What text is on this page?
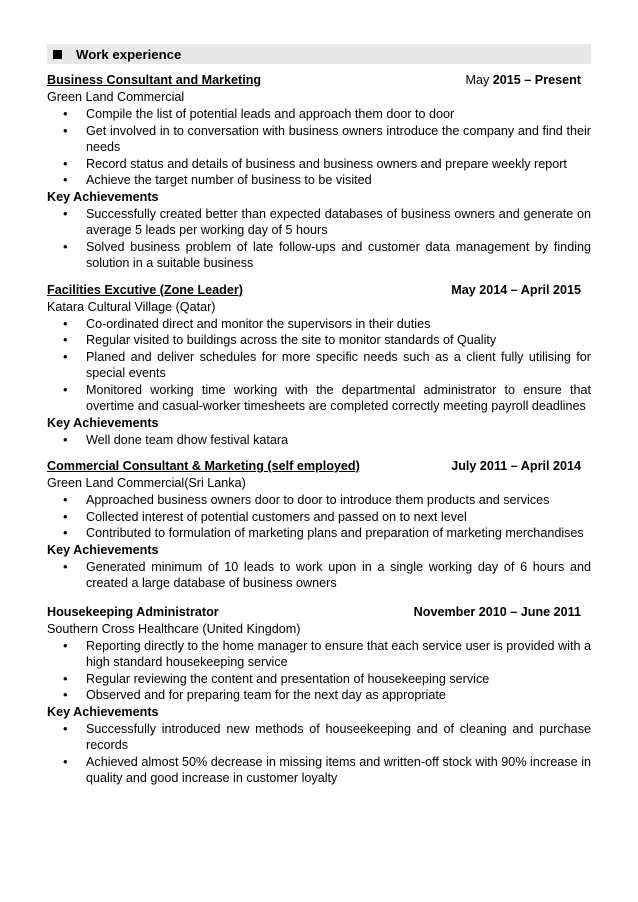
Work experience
Business Consultant and Marketing	May 2015 – Present
Green Land Commercial
• Compile the list of potential leads and approach them door to door
• Get involved in to conversation with business owners introduce the company and find their needs
• Record status and details of business and business owners and prepare weekly report
• Achieve the target number of business to be visited
Key Achievements
• Successfully created better than expected databases of business owners and generate on average 5 leads per working day of 5 hours
• Solved business problem of late follow-ups and customer data management by finding solution in a suitable business
Facilities Excutive (Zone Leader)	May 2014 – April 2015
Katara Cultural Village (Qatar)
• Co-ordinated direct and monitor the supervisors in their duties
• Regular visited to buildings across the site to monitor standards of Quality
• Planed and deliver schedules for more specific needs such as a client fully utilising for special events
• Monitored working time working with the departmental administrator to ensure that overtime and casual-worker timesheets are completed correctly meeting payroll deadlines
Key Achievements
• Well done team dhow festival katara
Commercial Consultant & Marketing (self employed)	July 2011 – April 2014
Green Land Commercial(Sri Lanka)
• Approached business owners door to door to introduce them products and services
• Collected interest of potential customers and passed on to next level
• Contributed to formulation of marketing plans and preparation of marketing merchandises
Key Achievements
• Generated minimum of 10 leads to work upon in a single working day of 6 hours and created a large database of business owners
Housekeeping Administrator	November 2010 – June 2011
Southern Cross Healthcare (United Kingdom)
• Reporting directly to the home manager to ensure that each service user is provided with a high standard housekeeping service
• Regular reviewing the content and presentation of housekeeping service
• Observed and for preparing team for the next day as appropriate
Key Achievements
• Successfully introduced new methods of houseekeeping and of cleaning and purchase records
• Achieved almost 50% decrease in missing items and written-off stock with 90% increase in quality and good increase in customer loyalty
